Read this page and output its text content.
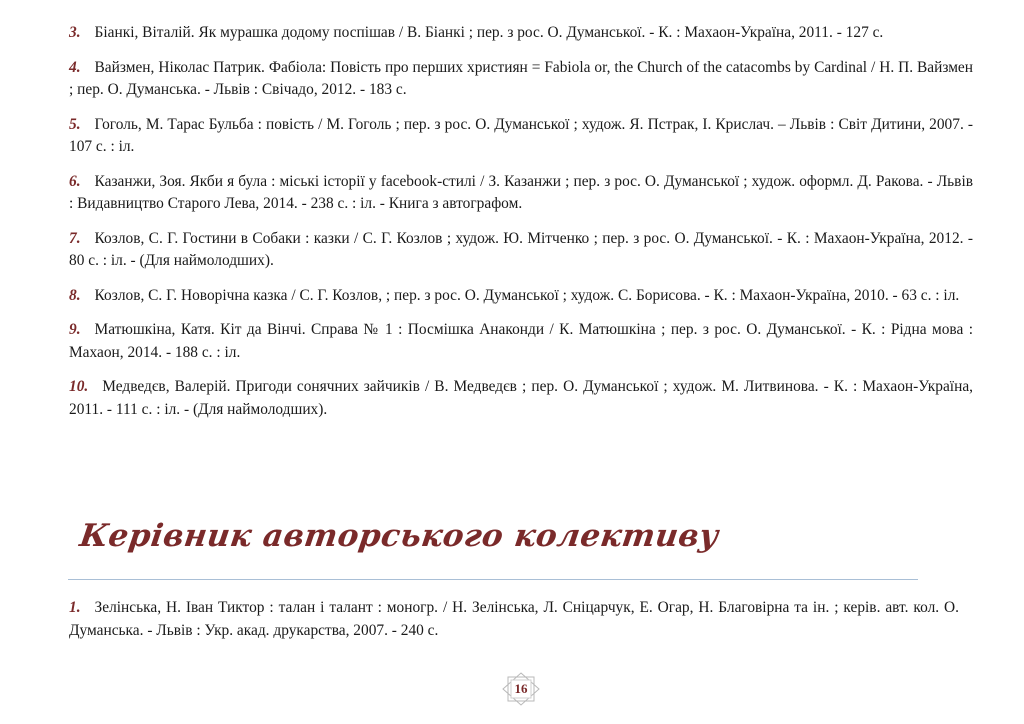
3. Біанкі, Віталій. Як мурашка додому поспішав / В. Біанкі ; пер. з рос. О. Думанської. - К. : Махаон-Україна, 2011. - 127 с.

4. Вайзмен, Ніколас Патрик. Фабіола: Повість про перших християн = Fabiola or, the Church of the catacombs by Cardinal / Н. П. Вайзмен ; пер. О. Думанська. - Львів : Свічадо, 2012. - 183 с.

5. Гоголь, М. Тарас Бульба : повість / М. Гоголь ; пер. з рос. О. Думанської ; худож. Я. Пстрак, І. Крислач. – Львів : Світ Дитини, 2007. - 107 с. : іл.

6. Казанжи, Зоя. Якби я була : міські історії у facebook-стилі / З. Казанжи ; пер. з рос. О. Думанської ; худож. оформл. Д. Ракова. - Львів : Видавництво Старого Лева, 2014. - 238 с. : іл. - Книга з автографом.

7. Козлов, С. Г. Гостини в Собаки : казки / С. Г. Козлов ; худож. Ю. Мітченко ; пер. з рос. О. Думанської. - К. : Махаон-Україна, 2012. - 80 с. : іл. - (Для наймолодших).

8. Козлов, С. Г. Новорічна казка / С. Г. Козлов, ; пер. з рос. О. Думанської ; худож. С. Борисова. - К. : Махаон-Україна, 2010. - 63 с. : іл.

9. Матюшкіна, Катя. Кіт да Вінчі. Справа № 1 : Посмішка Анаконди / К. Матюшкіна ; пер. з рос. О. Думанської. - К. : Рідна мова : Махаон, 2014. - 188 с. : іл.

10. Медведєв, Валерій. Пригоди сонячних зайчиків / В. Медведєв ; пер. О. Думанської ; худож. М. Литвинова. - К. : Махаон-Україна, 2011. - 111 с. : іл. - (Для наймолодших).

Керівник авторського колективу

1. Зелінська, Н. Іван Тиктор : талан і талант : моногр. / Н. Зелінська, Л. Сніцарчук, Е. Огар, Н. Благовірна та ін. ; керів. авт. кол. О. Думанська. - Львів : Укр. акад. друкарства, 2007. - 240 с.

16
